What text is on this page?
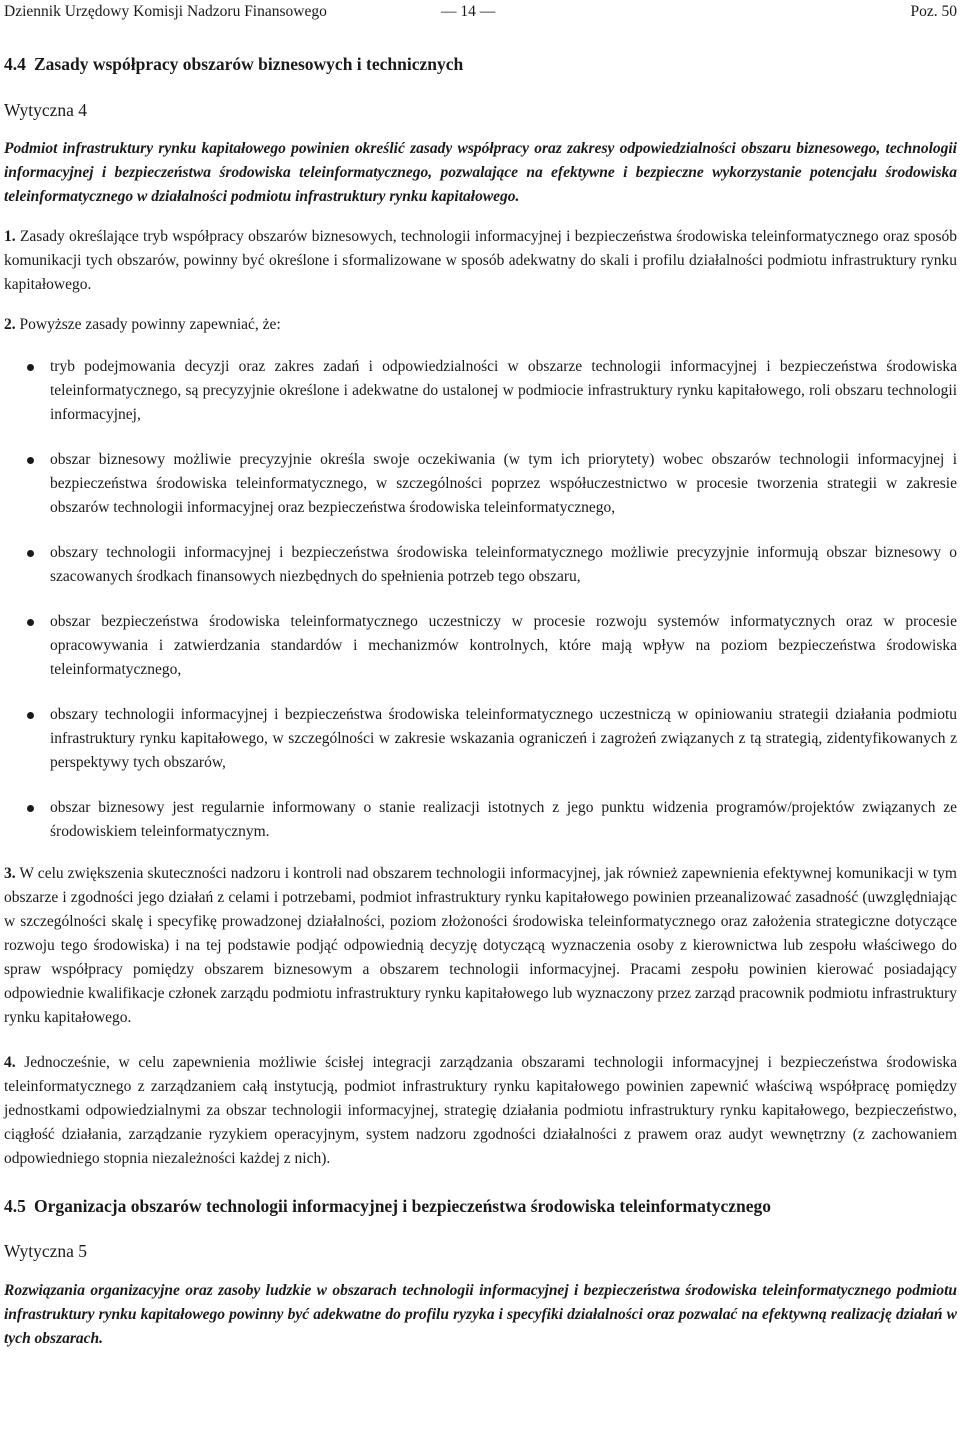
Dziennik Urzędowy Komisji Nadzoru Finansowego	— 14 —	Poz. 50

4.4 Zasady współpracy obszarów biznesowych i technicznych

Wytyczna 4

Podmiot infrastruktury rynku kapitałowego powinien określić zasady współpracy oraz zakresy odpowiedzialności obszaru biznesowego, technologii informacyjnej i bezpieczeństwa środowiska teleinformatycznego, pozwalające na efektywne i bezpieczne wykorzystanie potencjału środowiska teleinformatycznego w działalności podmiotu infrastruktury rynku kapitałowego.

1. Zasady określające tryb współpracy obszarów biznesowych, technologii informacyjnej i bezpieczeństwa środowiska teleinformatycznego oraz sposób komunikacji tych obszarów, powinny być określone i sformalizowane w sposób adekwatny do skali i profilu działalności podmiotu infrastruktury rynku kapitałowego.

2. Powyższe zasady powinny zapewniać, że:

tryb podejmowania decyzji oraz zakres zadań i odpowiedzialności w obszarze technologii informacyjnej i bezpieczeństwa środowiska teleinformatycznego, są precyzyjnie określone i adekwatne do ustalonej w podmiocie infrastruktury rynku kapitałowego, roli obszaru technologii informacyjnej,
obszar biznesowy możliwie precyzyjnie określa swoje oczekiwania (w tym ich priorytety) wobec obszarów technologii informacyjnej i bezpieczeństwa środowiska teleinformatycznego, w szczególności poprzez współuczestnictwo w procesie tworzenia strategii w zakresie obszarów technologii informacyjnej oraz bezpieczeństwa środowiska teleinformatycznego,
obszary technologii informacyjnej i bezpieczeństwa środowiska teleinformatycznego możliwie precyzyjnie informują obszar biznesowy o szacowanych środkach finansowych niezbędnych do spełnienia potrzeb tego obszaru,
obszar bezpieczeństwa środowiska teleinformatycznego uczestniczy w procesie rozwoju systemów informatycznych oraz w procesie opracowywania i zatwierdzania standardów i mechanizmów kontrolnych, które mają wpływ na poziom bezpieczeństwa środowiska teleinformatycznego,
obszary technologii informacyjnej i bezpieczeństwa środowiska teleinformatycznego uczestniczą w opiniowaniu strategii działania podmiotu infrastruktury rynku kapitałowego, w szczególności w zakresie wskazania ograniczeń i zagrożeń związanych z tą strategią, zidentyfikowanych z perspektywy tych obszarów,
obszar biznesowy jest regularnie informowany o stanie realizacji istotnych z jego punktu widzenia programów/projektów związanych ze środowiskiem teleinformatycznym.

3. W celu zwiększenia skuteczności nadzoru i kontroli nad obszarem technologii informacyjnej, jak również zapewnienia efektywnej komunikacji w tym obszarze i zgodności jego działań z celami i potrzebami, podmiot infrastruktury rynku kapitałowego powinien przeanalizować zasadność (uwzględniając w szczególności skalę i specyfikę prowadzonej działalności, poziom złożoności środowiska teleinformatycznego oraz założenia strategiczne dotyczące rozwoju tego środowiska) i na tej podstawie podjąć odpowiednią decyzję dotyczącą wyznaczenia osoby z kierownictwa lub zespołu właściwego do spraw współpracy pomiędzy obszarem biznesowym a obszarem technologii informacyjnej. Pracami zespołu powinien kierować posiadający odpowiednie kwalifikacje członek zarządu podmiotu infrastruktury rynku kapitałowego lub wyznaczony przez zarząd pracownik podmiotu infrastruktury rynku kapitałowego.

4. Jednocześnie, w celu zapewnienia możliwie ścisłej integracji zarządzania obszarami technologii informacyjnej i bezpieczeństwa środowiska teleinformatycznego z zarządzaniem całą instytucją, podmiot infrastruktury rynku kapitałowego powinien zapewnić właściwą współpracę pomiędzy jednostkami odpowiedzialnymi za obszar technologii informacyjnej, strategię działania podmiotu infrastruktury rynku kapitałowego, bezpieczeństwo, ciągłość działania, zarządzanie ryzykiem operacyjnym, system nadzoru zgodności działalności z prawem oraz audyt wewnętrzny (z zachowaniem odpowiedniego stopnia niezależności każdej z nich).

4.5 Organizacja obszarów technologii informacyjnej i bezpieczeństwa środowiska teleinformatycznego

Wytyczna 5

Rozwiązania organizacyjne oraz zasoby ludzkie w obszarach technologii informacyjnej i bezpieczeństwa środowiska teleinformatycznego podmiotu infrastruktury rynku kapitałowego powinny być adekwatne do profilu ryzyka i specyfiki działalności oraz pozwalać na efektywną realizację działań w tych obszarach.
